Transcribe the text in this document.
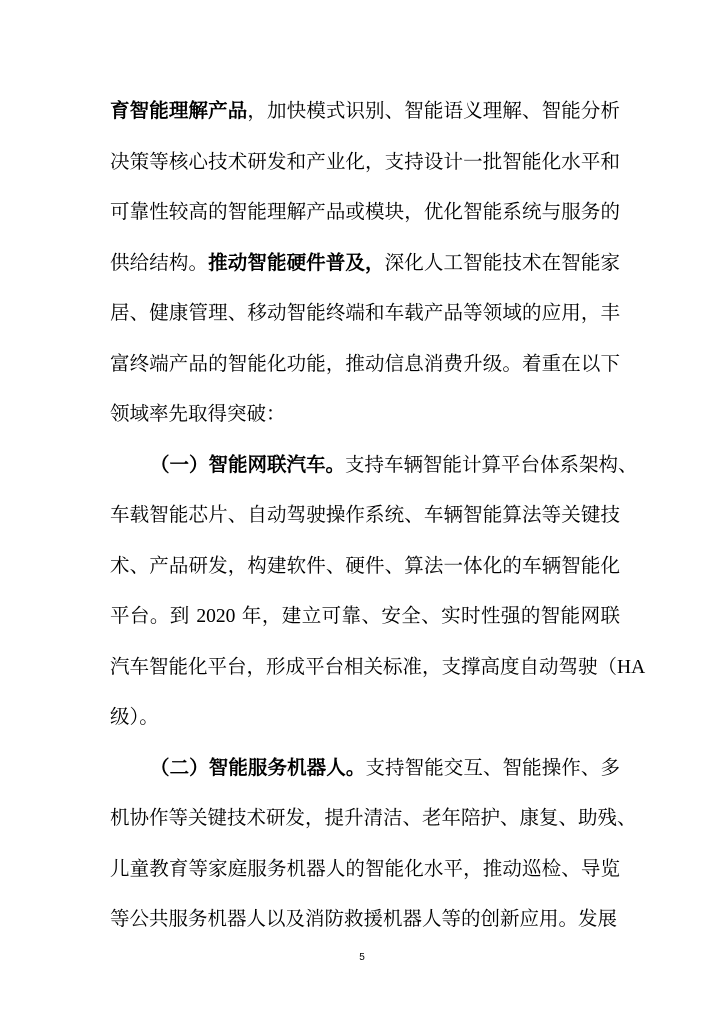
育智能理解产品，加快模式识别、智能语义理解、智能分析
决策等核心技术研发和产业化，支持设计一批智能化水平和
可靠性较高的智能理解产品或模块，优化智能系统与服务的
供给结构。推动智能硬件普及，深化人工智能技术在智能家
居、健康管理、移动智能终端和车载产品等领域的应用，丰
富终端产品的智能化功能，推动信息消费升级。着重在以下
领域率先取得突破：
（一）智能网联汽车。支持车辆智能计算平台体系架构、
车载智能芯片、自动驾驶操作系统、车辆智能算法等关键技
术、产品研发，构建软件、硬件、算法一体化的车辆智能化
平台。到 2020 年，建立可靠、安全、实时性强的智能网联
汽车智能化平台，形成平台相关标准，支撑高度自动驾驶（HA
级）。
（二）智能服务机器人。支持智能交互、智能操作、多
机协作等关键技术研发，提升清洁、老年陪护、康复、助残、
儿童教育等家庭服务机器人的智能化水平，推动巡检、导览
等公共服务机器人以及消防救援机器人等的创新应用。发展
5
